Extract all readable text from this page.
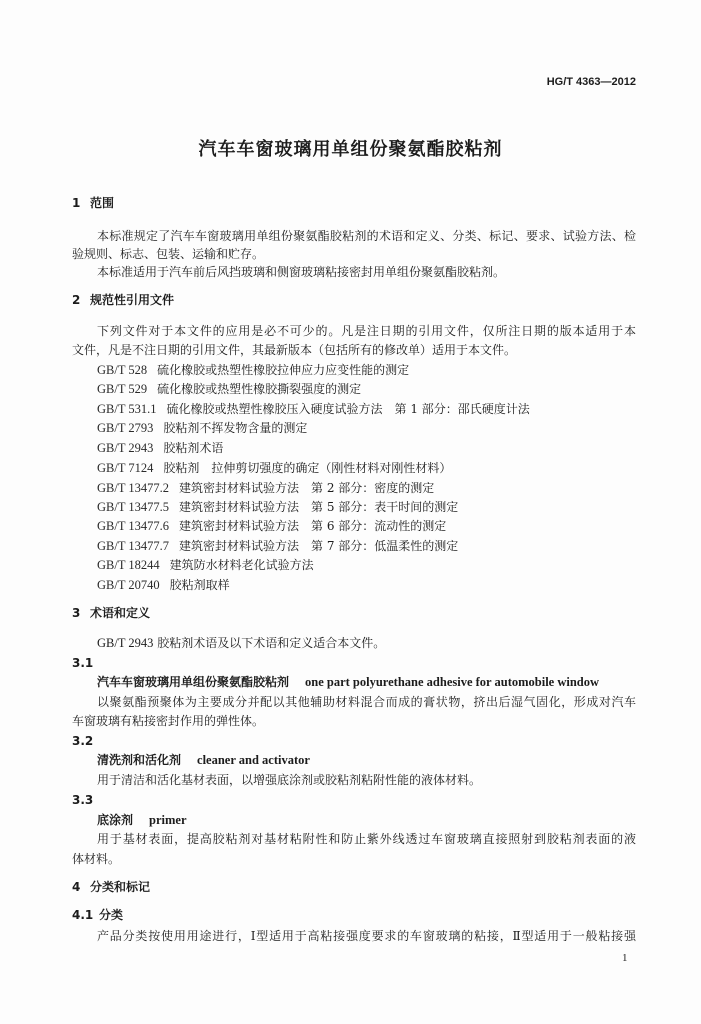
HG/T 4363—2012
汽车车窗玻璃用单组份聚氨酯胶粘剂
1 范围
本标准规定了汽车车窗玻璃用单组份聚氨酯胶粘剂的术语和定义、分类、标记、要求、试验方法、检
验规则、标志、包装、运输和贮存。
本标准适用于汽车前后风挡玻璃和侧窗玻璃粘接密封用单组份聚氨酯胶粘剂。
2 规范性引用文件
下列文件对于本文件的应用是必不可少的。凡是注日期的引用文件，仅所注日期的版本适用于本
文件，凡是不注日期的引用文件，其最新版本（包括所有的修改单）适用于本文件。
GB/T 528 硫化橡胶或热塑性橡胶拉伸应力应变性能的测定
GB/T 529 硫化橡胶或热塑性橡胶撕裂强度的测定
GB/T 531.1 硫化橡胶或热塑性橡胶压入硬度试验方法　第 1 部分：邵氏硬度计法
GB/T 2793 胶粘剂不挥发物含量的测定
GB/T 2943 胶粘剂术语
GB/T 7124 胶粘剂　拉伸剪切强度的确定（刚性材料对刚性材料）
GB/T 13477.2 建筑密封材料试验方法　第 2 部分：密度的测定
GB/T 13477.5 建筑密封材料试验方法　第 5 部分：表干时间的测定
GB/T 13477.6 建筑密封材料试验方法　第 6 部分：流动性的测定
GB/T 13477.7 建筑密封材料试验方法　第 7 部分：低温柔性的测定
GB/T 18244 建筑防水材料老化试验方法
GB/T 20740 胶粘剂取样
3 术语和定义
GB/T 2943 胶粘剂术语及以下术语和定义适合本文件。
3.1
汽车车窗玻璃用单组份聚氨酯胶粘剂 one part polyurethane adhesive for automobile window
以聚氨酯预聚体为主要成分并配以其他辅助材料混合而成的膏状物，挤出后湿气固化，形成对汽车
车窗玻璃有粘接密封作用的弹性体。
3.2
清洗剂和活化剂 cleaner and activator
用于清洁和活化基材表面，以增强底涂剂或胶粘剂粘附性能的液体材料。
3.3
底涂剂 primer
用于基材表面，提高胶粘剂对基材粘附性和防止紫外线透过车窗玻璃直接照射到胶粘剂表面的液
体材料。
4 分类和标记
4.1 分类
产品分类按使用用途进行，Ⅰ型适用于高粘接强度要求的车窗玻璃的粘接，Ⅱ型适用于一般粘接强
1
